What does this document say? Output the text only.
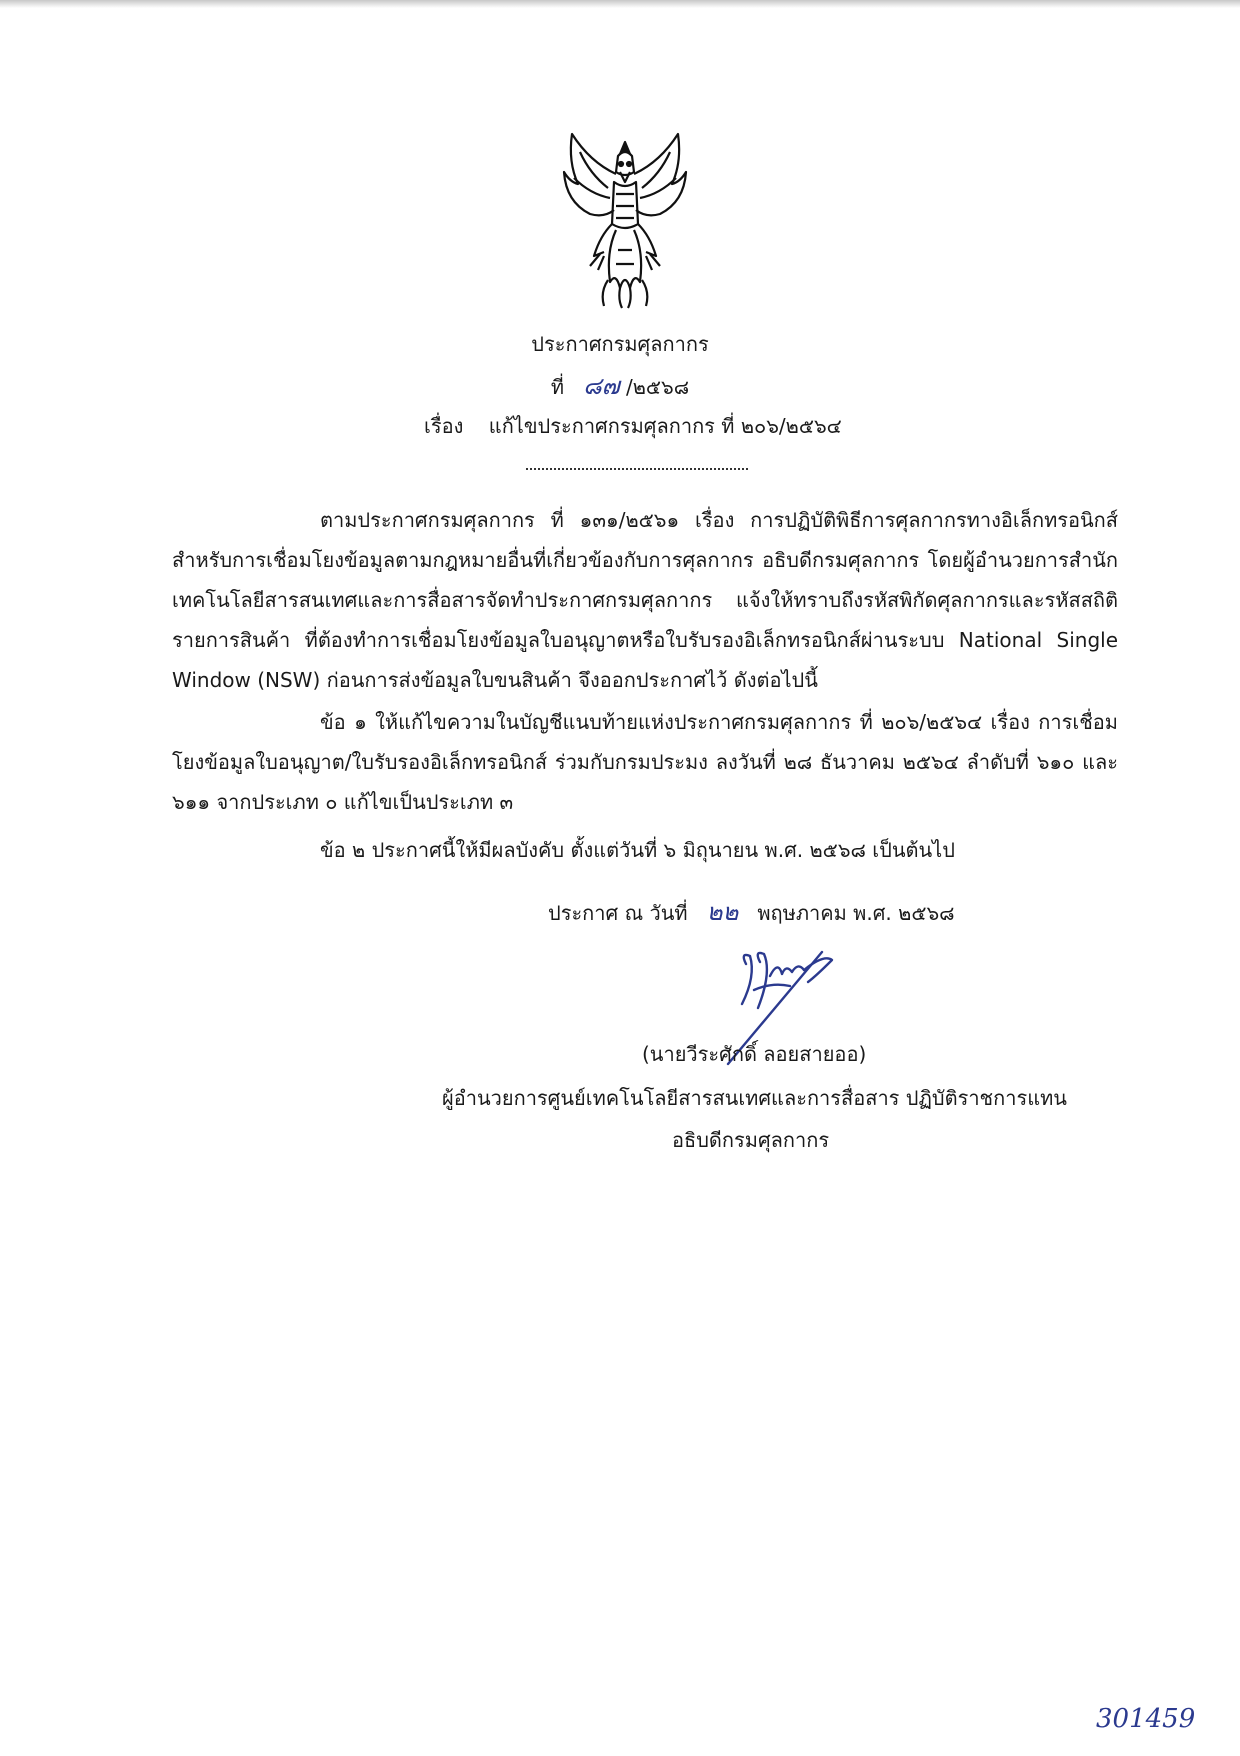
ประกาศกรมศุลกากร
ที่ ๘๗ /๒๕๖๘
เรื่อง แก้ไขประกาศกรมศุลกากร ที่ ๒๐๖/๒๕๖๔
ตามประกาศกรมศุลกากร ที่ ๑๓๑/๒๕๖๑ เรื่อง การปฏิบัติพิธีการศุลกากรทางอิเล็กทรอนิกส์ สำหรับการเชื่อมโยงข้อมูลตามกฎหมายอื่นที่เกี่ยวข้องกับการศุลกากร อธิบดีกรมศุลกากร โดยผู้อำนวยการสำนักเทคโนโลยีสารสนเทศและการสื่อสารจัดทำประกาศกรมศุลกากร แจ้งให้ทราบถึงรหัสพิกัดศุลกากรและรหัสสถิติ รายการสินค้า ที่ต้องทำการเชื่อมโยงข้อมูลใบอนุญาตหรือใบรับรองอิเล็กทรอนิกส์ผ่านระบบ National Single Window (NSW) ก่อนการส่งข้อมูลใบขนสินค้า จึงออกประกาศไว้ ดังต่อไปนี้
ข้อ ๑ ให้แก้ไขความในบัญชีแนบท้ายแห่งประกาศกรมศุลกากร ที่ ๒๐๖/๒๕๖๔ เรื่อง การเชื่อมโยงข้อมูลใบอนุญาต/ใบรับรองอิเล็กทรอนิกส์ ร่วมกับกรมประมง ลงวันที่ ๒๘ ธันวาคม ๒๕๖๔ ลำดับที่ ๖๑๐ และ ๖๑๑ จากประเภท ๐ แก้ไขเป็นประเภท ๓
ข้อ ๒ ประกาศนี้ให้มีผลบังคับ ตั้งแต่วันที่ ๖ มิถุนายน พ.ศ. ๒๕๖๘ เป็นต้นไป
ประกาศ ณ วันที่ ๒๒ พฤษภาคม พ.ศ. ๒๕๖๘
(นายวีระศักดิ์ ลอยสายออ)
ผู้อำนวยการศูนย์เทคโนโลยีสารสนเทศและการสื่อสาร ปฏิบัติราชการแทน
อธิบดีกรมศุลกากร
301459
